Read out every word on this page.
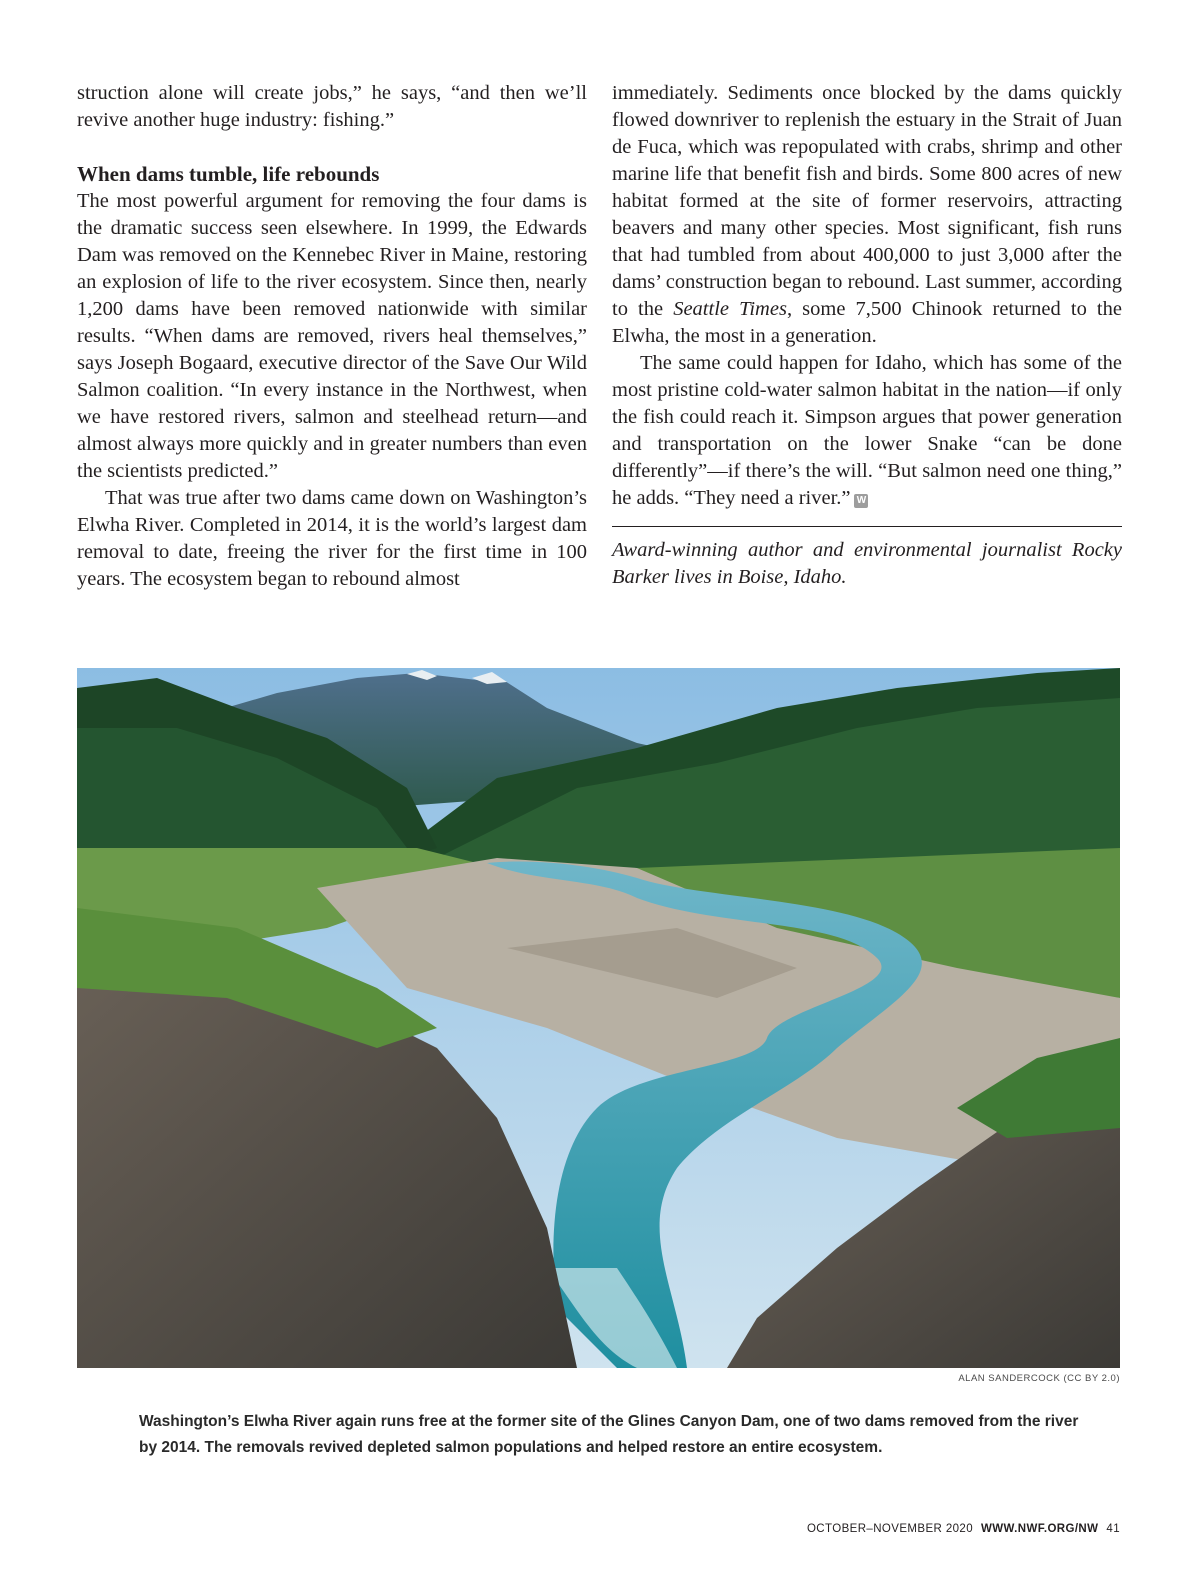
struction alone will create jobs,” he says, “and then we’ll revive another huge industry: fishing.”

When dams tumble, life rebounds

The most powerful argument for removing the four dams is the dramatic success seen elsewhere. In 1999, the Edwards Dam was removed on the Kennebec River in Maine, restoring an explosion of life to the river ecosystem. Since then, nearly 1,200 dams have been removed nationwide with similar results. “When dams are removed, rivers heal themselves,” says Joseph Bogaard, executive director of the Save Our Wild Salmon coalition. “In every instance in the Northwest, when we have restored rivers, salmon and steelhead return—and almost always more quickly and in greater numbers than even the scientists predicted.”

That was true after two dams came down on Washington’s Elwha River. Completed in 2014, it is the world’s largest dam removal to date, freeing the river for the first time in 100 years. The ecosystem began to rebound almost

immediately. Sediments once blocked by the dams quickly flowed downriver to replenish the estuary in the Strait of Juan de Fuca, which was repopulated with crabs, shrimp and other marine life that benefit fish and birds. Some 800 acres of new habitat formed at the site of former reservoirs, attracting beavers and many other species. Most significant, fish runs that had tumbled from about 400,000 to just 3,000 after the dams’ construction began to rebound. Last summer, according to the Seattle Times, some 7,500 Chinook returned to the Elwha, the most in a generation.

The same could happen for Idaho, which has some of the most pristine cold-water salmon habitat in the nation—if only the fish could reach it. Simpson argues that power generation and transportation on the lower Snake “can be done differently”—if there’s the will. “But salmon need one thing,” he adds. “They need a river.” W

Award-winning author and environmental journalist Rocky Barker lives in Boise, Idaho.

ALAN SANDERCOCK (CC BY 2.0)
Washington’s Elwha River again runs free at the former site of the Glines Canyon Dam, one of two dams removed from the river by 2014. The removals revived depleted salmon populations and helped restore an entire ecosystem.
OCTOBER–NOVEMBER 2020 WWW.NWF.ORG/NW 41
